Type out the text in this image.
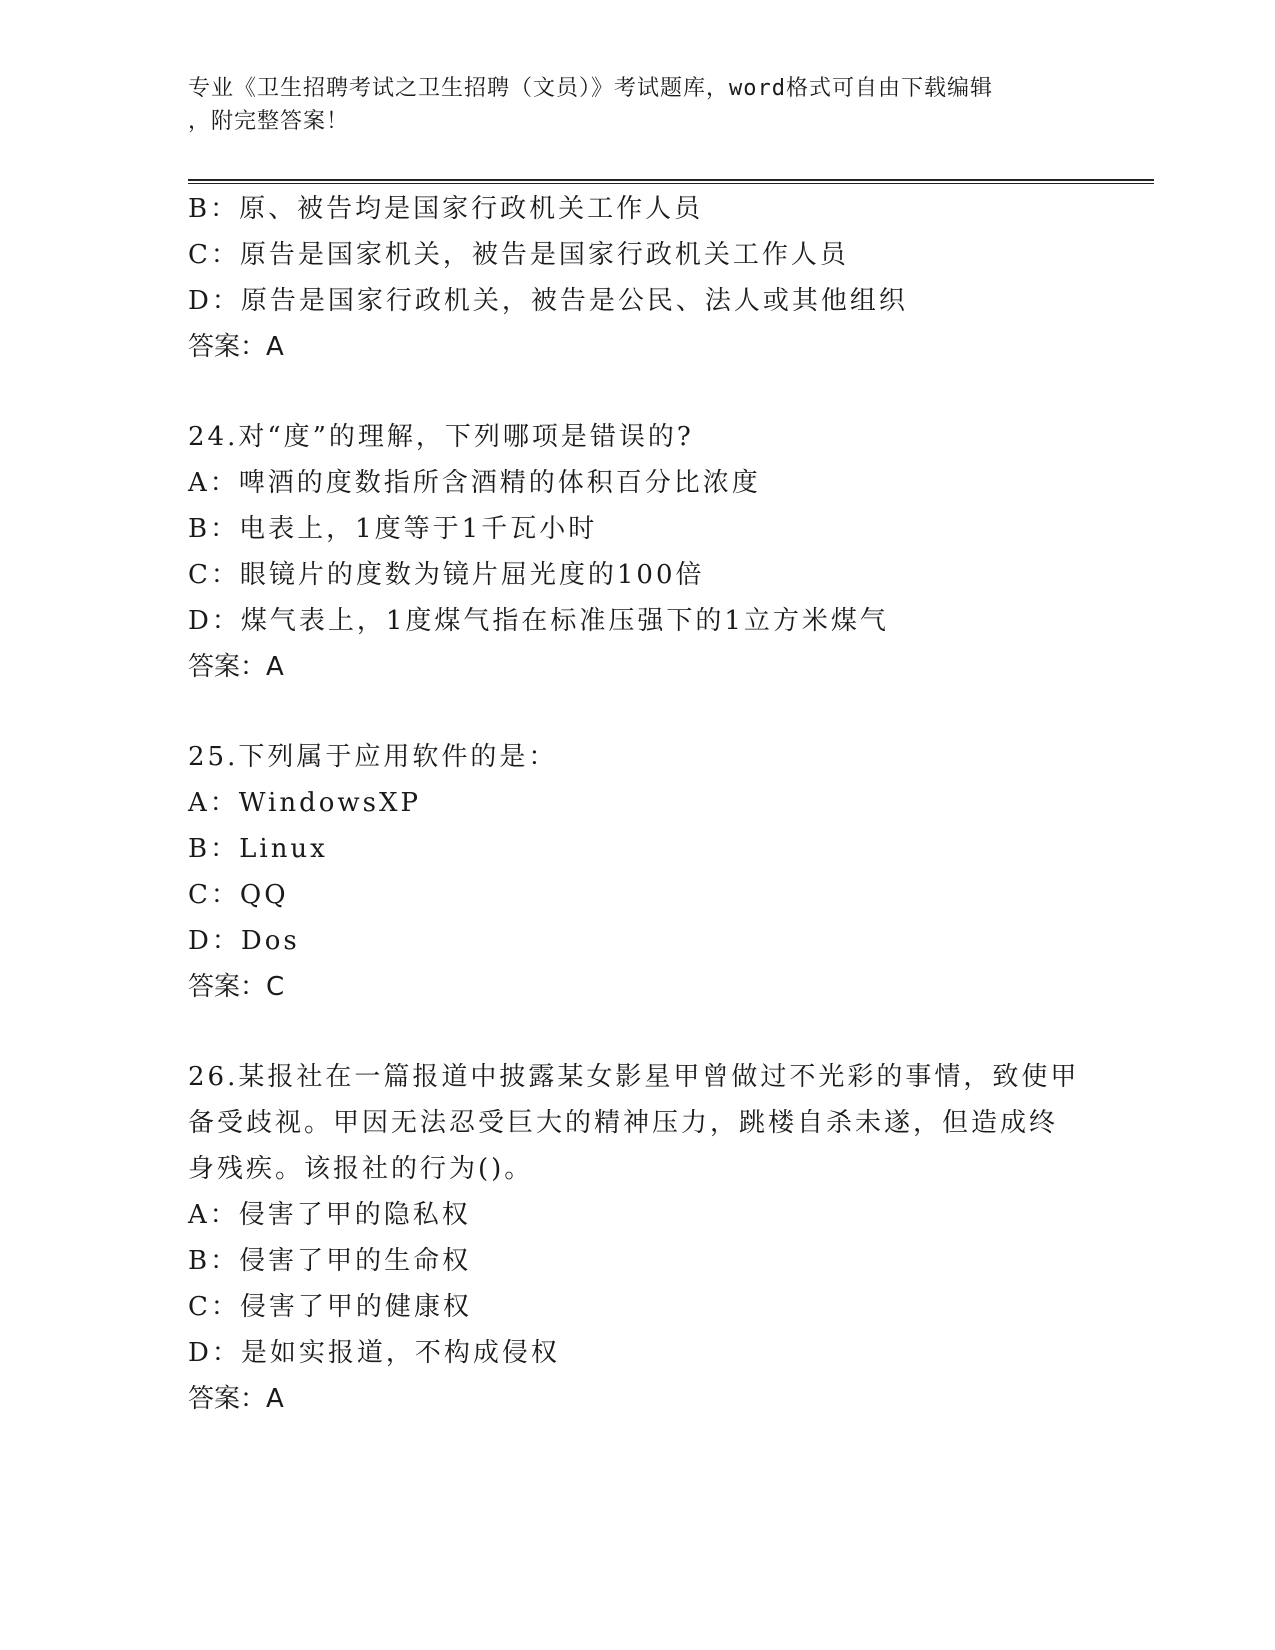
专业《卫生招聘考试之卫生招聘（文员）》考试题库，word格式可自由下载编辑
，附完整答案！
B：原、被告均是国家行政机关工作人员
C：原告是国家机关，被告是国家行政机关工作人员
D：原告是国家行政机关，被告是公民、法人或其他组织
答案：A
24.对“度”的理解，下列哪项是错误的?
A：啤酒的度数指所含酒精的体积百分比浓度
B：电表上，1度等于1千瓦小时
C：眼镜片的度数为镜片屈光度的100倍
D：煤气表上，1度煤气指在标准压强下的1立方米煤气
答案：A
25.下列属于应用软件的是：
A：WindowsXP
B：Linux
C：QQ
D：Dos
答案：C
26.某报社在一篇报道中披露某女影星甲曾做过不光彩的事情，致使甲
备受歧视。甲因无法忍受巨大的精神压力，跳楼自杀未遂，但造成终
身残疾。该报社的行为()。
A：侵害了甲的隐私权
B：侵害了甲的生命权
C：侵害了甲的健康权
D：是如实报道，不构成侵权
答案：A
